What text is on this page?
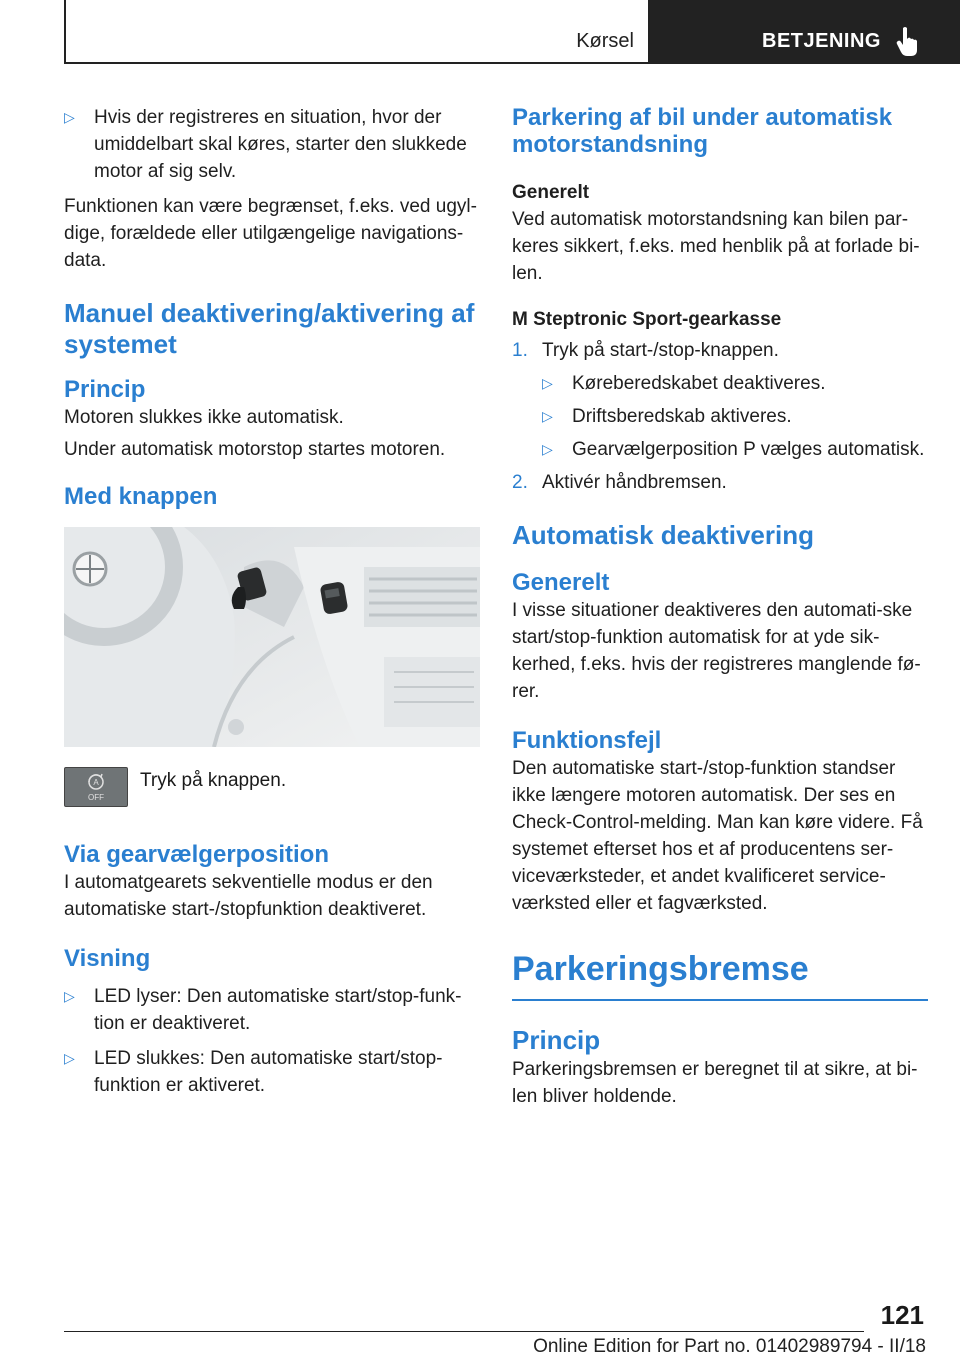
Kørsel	BETJENING
▷ Hvis der registreres en situation, hvor der umiddelbart skal køres, starter den slukkede motor af sig selv.
Funktionen kan være begrænset, f.eks. ved ugyl-dige, forældede eller utilgængelige navigations-data.
Manuel deaktivering/aktivering af systemet
Princip
Motoren slukkes ikke automatisk.
Under automatisk motorstop startes motoren.
Med knappen
A
OFF
Tryk på knappen.
Via gearvælgerposition
I automatgearets sekventielle modus er den automatiske start-/stopfunktion deaktiveret.
Visning
▷ LED lyser: Den automatiske start/stop-funk-tion er deaktiveret.
▷ LED slukkes: Den automatiske start/stop-funktion er aktiveret.
Parkering af bil under automatisk motorstandsning
Generelt
Ved automatisk motorstandsning kan bilen par-keres sikkert, f.eks. med henblik på at forlade bi-len.
M Steptronic Sport-gearkasse
1. Tryk på start-/stop-knappen.
▷ Køreberedskabet deaktiveres.
▷ Driftsberedskab aktiveres.
▷ Gearvælgerposition P vælges automatisk.
2. Aktivér håndbremsen.
Automatisk deaktivering
Generelt
I visse situationer deaktiveres den automati-ske start/stop-funktion automatisk for at yde sik-kerhed, f.eks. hvis der registreres manglende fø-rer.
Funktionsfejl
Den automatiske start-/stop-funktion standser ikke længere motoren automatisk. Der ses en Check-Control-melding. Man kan køre videre. Få systemet efterset hos et af producentens ser-viceværksteder, et andet kvalificeret service-værksted eller et fagværksted.
Parkeringsbremse
Princip
Parkeringsbremsen er beregnet til at sikre, at bi-len bliver holdende.
121
Online Edition for Part no. 01402989794 - II/18
